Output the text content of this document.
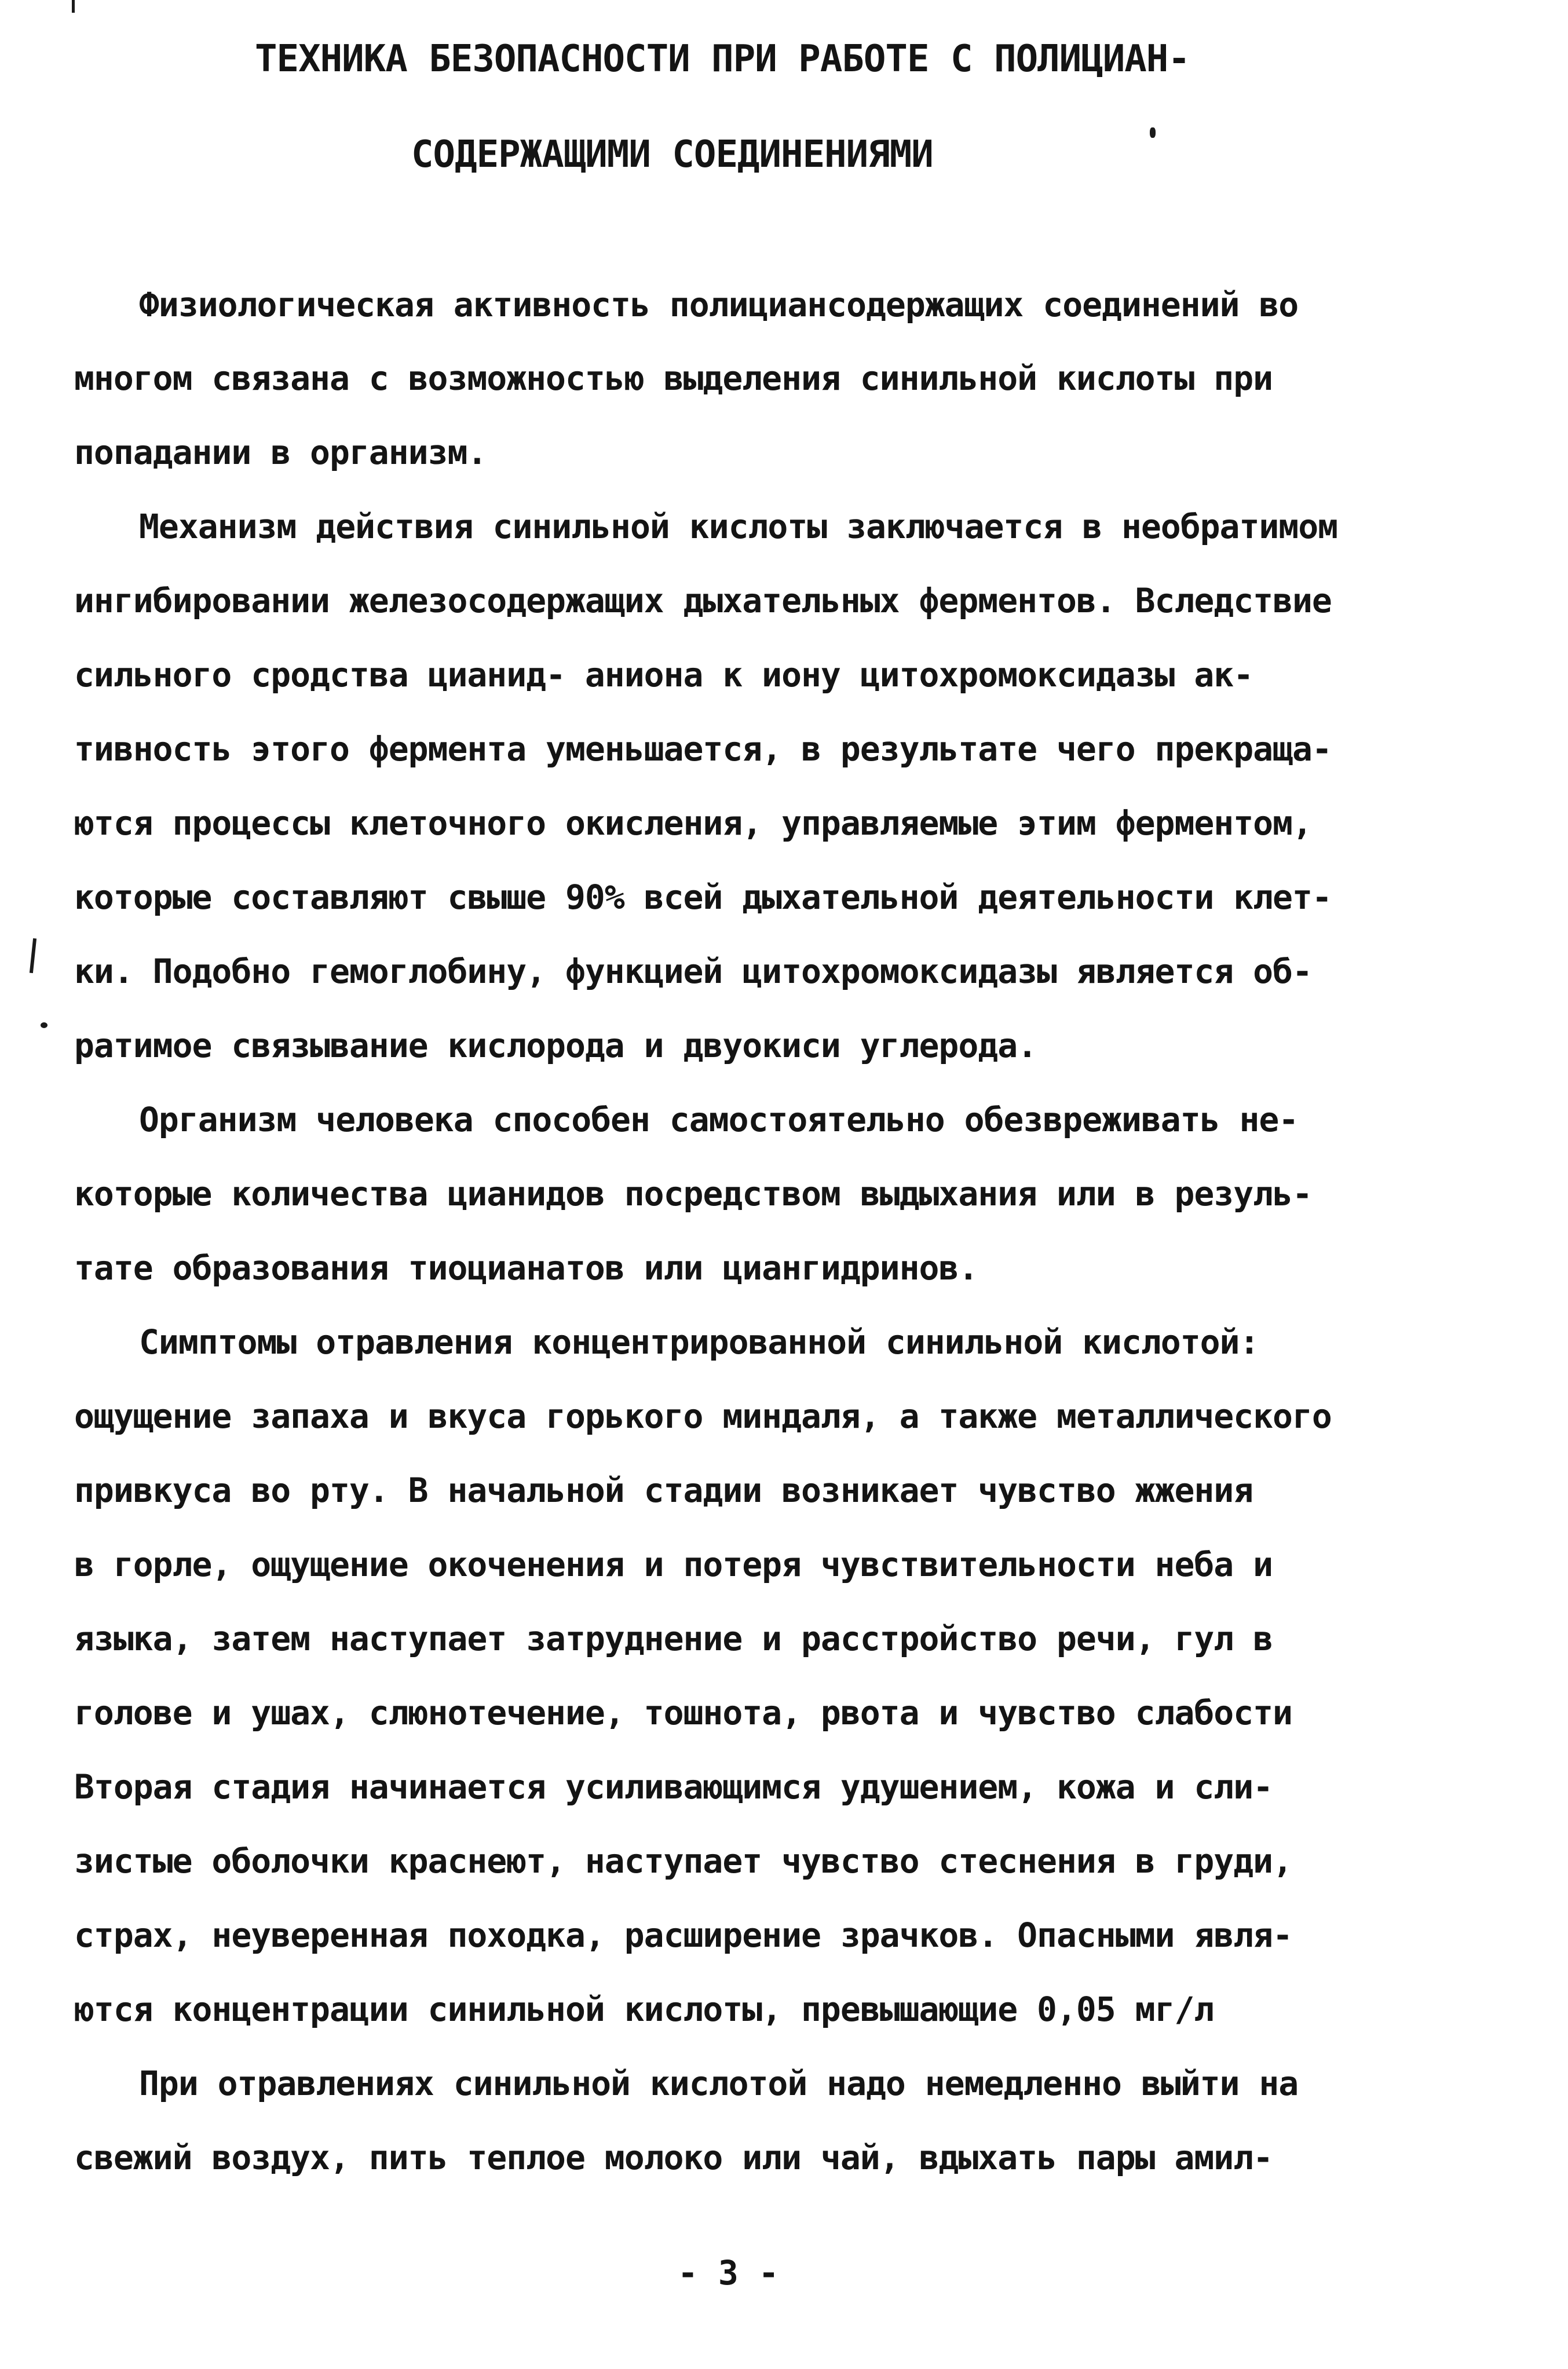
ТЕХНИКА БЕЗОПАСНОСТИ ПРИ РАБОТЕ С ПОЛИЦИАН-
СОДЕРЖАЩИМИ СОЕДИНЕНИЯМИ
Физиологическая активность полициансодержащих соединений во
многом связана с возможностью выделения синильной кислоты при
попадании в организм.
Механизм действия синильной кислоты заключается в необратимом
ингибировании железосодержащих дыхательных ферментов. Вследствие
сильного сродства цианид- аниона к иону цитохромоксидазы ак-
тивность этого фермента уменьшается, в результате чего прекраща-
ются процессы клеточного окисления, управляемые этим ферментом,
которые составляют свыше 90% всей дыхательной деятельности клет-
ки. Подобно гемоглобину, функцией цитохромоксидазы является об-
ратимое связывание кислорода и двуокиси углерода.
Организм человека способен самостоятельно обезвреживать не-
которые количества цианидов посредством выдыхания или в резуль-
тате образования тиоцианатов или циангидринов.
Симптомы отравления концентрированной синильной кислотой:
ощущение запаха и вкуса горького миндаля, а также металлического
привкуса во рту. В начальной стадии возникает чувство жжения
в горле, ощущение окоченения и потеря чувствительности неба и
языка, затем наступает затруднение и расстройство речи, гул в
голове и ушах, слюнотечение, тошнота, рвота и чувство слабости
Вторая стадия начинается усиливающимся удушением, кожа и сли-
зистые оболочки краснеют, наступает чувство стеснения в груди,
страх, неуверенная походка, расширение зрачков. Опасными явля-
ются концентрации синильной кислоты, превышающие 0,05 мг/л
При отравлениях синильной кислотой надо немедленно выйти на
свежий воздух, пить теплое молоко или чай, вдыхать пары амил-
- 3 -
